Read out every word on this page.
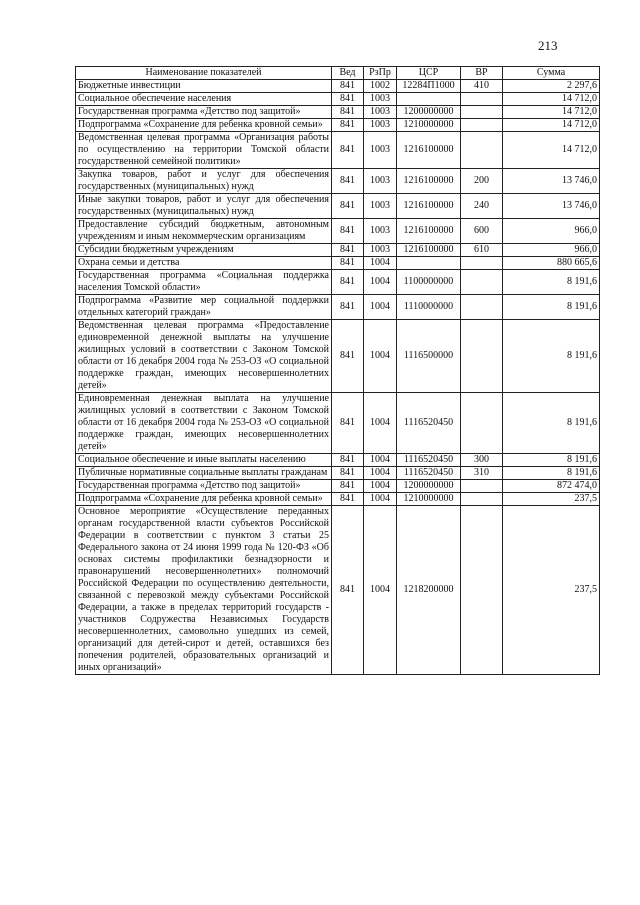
213
Наименование показателей	Вед	РзПр	ЦСР	ВР	Сумма
Бюджетные инвестиции	841	1002	12284П1000	410	2 297,6
Социальное обеспечение населения	841	1003			14 712,0
Государственная программа «Детство под защитой»	841	1003	1200000000		14 712,0
Подпрограмма «Сохранение для ребенка кровной семьи»	841	1003	1210000000		14 712,0
Ведомственная целевая программа «Организация работы по осуществлению на территории Томской области государственной семейной политики»	841	1003	1216100000		14 712,0
Закупка товаров, работ и услуг для обеспечения государственных (муниципальных) нужд	841	1003	1216100000	200	13 746,0
Иные закупки товаров, работ и услуг для обеспечения государственных (муниципальных) нужд	841	1003	1216100000	240	13 746,0
Предоставление субсидий бюджетным, автономным учреждениям и иным некоммерческим организациям	841	1003	1216100000	600	966,0
Субсидии бюджетным учреждениям	841	1003	1216100000	610	966,0
Охрана семьи и детства	841	1004			880 665,6
Государственная программа «Социальная поддержка населения Томской области»	841	1004	1100000000		8 191,6
Подпрограмма «Развитие мер социальной поддержки отдельных категорий граждан»	841	1004	1110000000		8 191,6
Ведомственная целевая программа «Предоставление единовременной денежной выплаты на улучшение жилищных условий в соответствии с Законом Томской области от 16 декабря 2004 года № 253-ОЗ «О социальной поддержке граждан, имеющих несовершеннолетних детей»	841	1004	1116500000		8 191,6
Единовременная денежная выплата на улучшение жилищных условий в соответствии с Законом Томской области от 16 декабря 2004 года № 253-ОЗ «О социальной поддержке граждан, имеющих несовершеннолетних детей»	841	1004	1116520450		8 191,6
Социальное обеспечение и иные выплаты населению	841	1004	1116520450	300	8 191,6
Публичные нормативные социальные выплаты гражданам	841	1004	1116520450	310	8 191,6
Государственная программа «Детство под защитой»	841	1004	1200000000		872 474,0
Подпрограмма «Сохранение для ребенка кровной семьи»	841	1004	1210000000		237,5
Основное мероприятие «Осуществление переданных органам государственной власти субъектов Российской Федерации в соответствии с пунктом 3 статьи 25 Федерального закона от 24 июня 1999 года № 120-ФЗ «Об основах системы профилактики безнадзорности и правонарушений несовершеннолетних» полномочий Российской Федерации по осуществлению деятельности, связанной с перевозкой между субъектами Российской Федерации, а также в пределах территорий государств - участников Содружества Независимых Государств несовершеннолетних, самовольно ушедших из семей, организаций для детей-сирот и детей, оставшихся без попечения родителей, образовательных организаций и иных организаций»	841	1004	1218200000		237,5
